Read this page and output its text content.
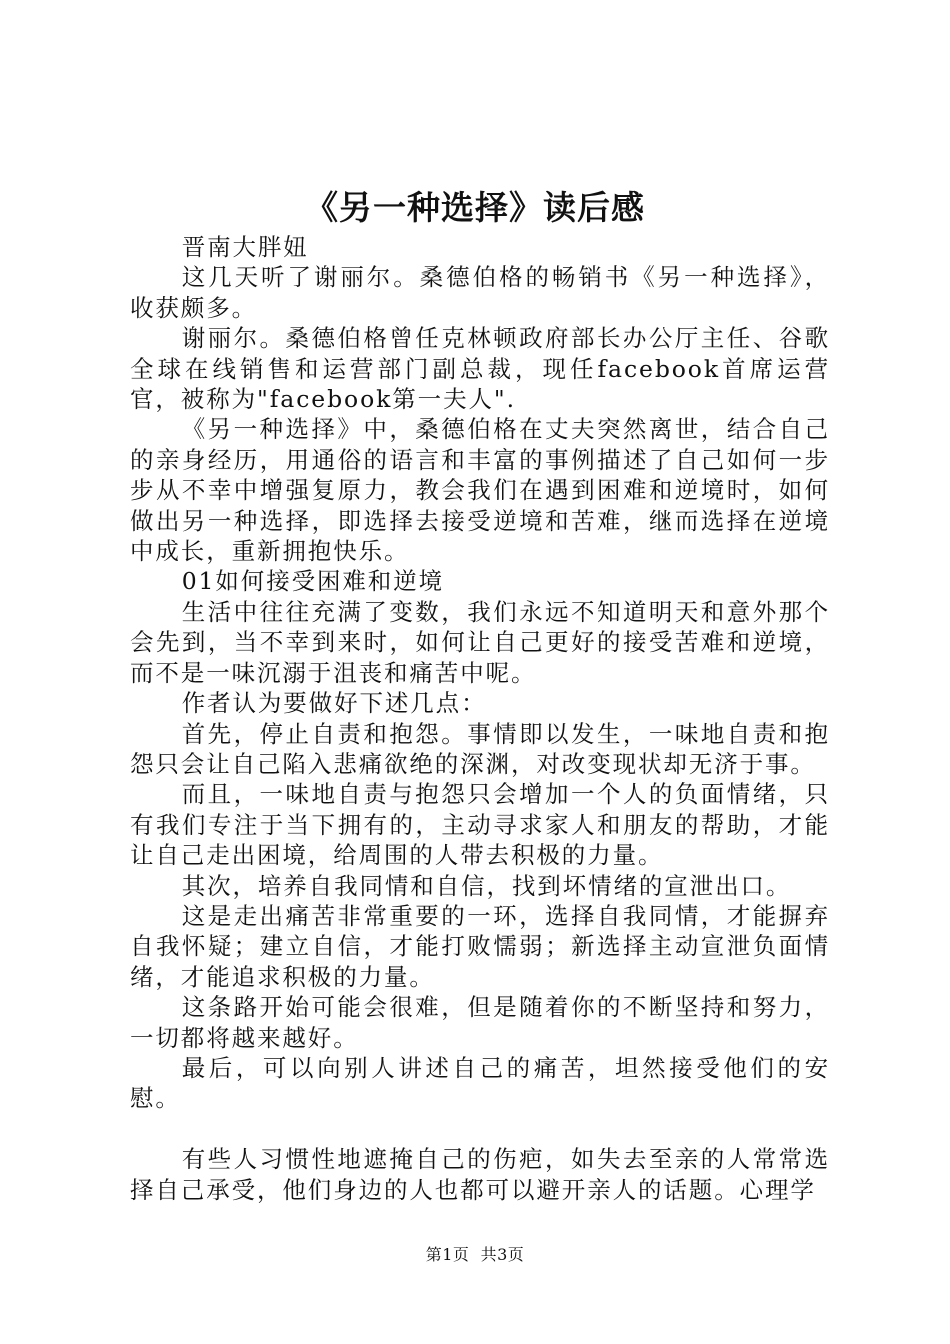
《另一种选择》读后感

晋南大胖妞

这几天听了谢丽尔。桑德伯格的畅销书《另一种选择》，收获颇多。

谢丽尔。桑德伯格曾任克林顿政府部长办公厅主任、谷歌全球在线销售和运营部门副总裁，现任facebook首席运营官，被称为"facebook第一夫人".

《另一种选择》中，桑德伯格在丈夫突然离世，结合自己的亲身经历，用通俗的语言和丰富的事例描述了自己如何一步步从不幸中增强复原力，教会我们在遇到困难和逆境时，如何做出另一种选择，即选择去接受逆境和苦难，继而选择在逆境中成长，重新拥抱快乐。

01如何接受困难和逆境

生活中往往充满了变数，我们永远不知道明天和意外那个会先到，当不幸到来时，如何让自己更好的接受苦难和逆境，而不是一味沉溺于沮丧和痛苦中呢。

作者认为要做好下述几点：

首先，停止自责和抱怨。事情即以发生，一味地自责和抱怨只会让自己陷入悲痛欲绝的深渊，对改变现状却无济于事。

而且，一味地自责与抱怨只会增加一个人的负面情绪，只有我们专注于当下拥有的，主动寻求家人和朋友的帮助，才能让自己走出困境，给周围的人带去积极的力量。

其次，培养自我同情和自信，找到坏情绪的宣泄出口。

这是走出痛苦非常重要的一环，选择自我同情，才能摒弃自我怀疑；建立自信，才能打败懦弱；新选择主动宣泄负面情绪，才能追求积极的力量。

这条路开始可能会很难，但是随着你的不断坚持和努力，一切都将越来越好。

最后，可以向别人讲述自己的痛苦，坦然接受他们的安慰。

有些人习惯性地遮掩自己的伤疤，如失去至亲的人常常选择自己承受，他们身边的人也都可以避开亲人的话题。心理学

第1页  共3页
